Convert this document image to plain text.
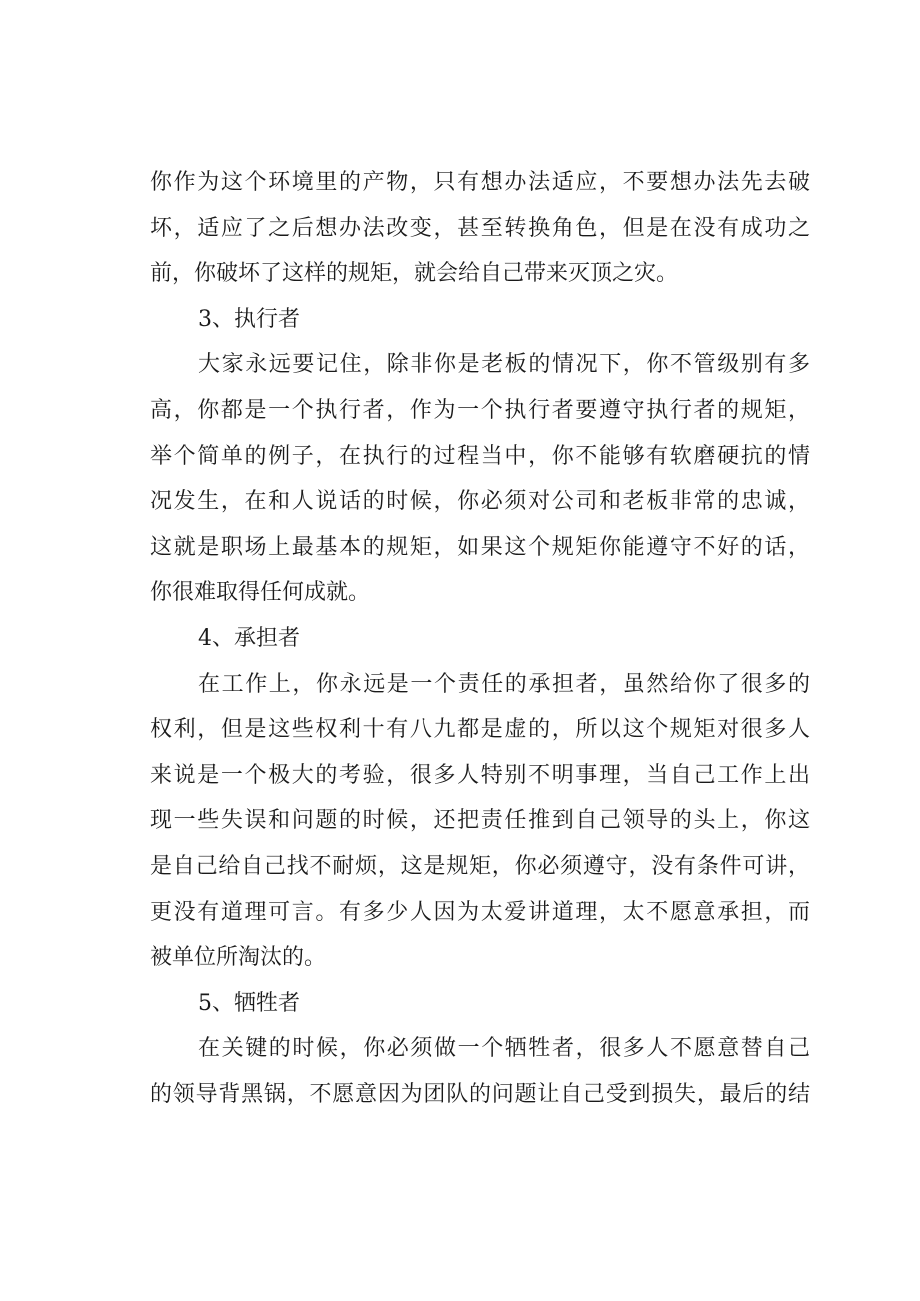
你作为这个环境里的产物，只有想办法适应，不要想办法先去破
坏，适应了之后想办法改变，甚至转换角色，但是在没有成功之
前，你破坏了这样的规矩，就会给自己带来灭顶之灾。
3、执行者
大家永远要记住，除非你是老板的情况下，你不管级别有多
高，你都是一个执行者，作为一个执行者要遵守执行者的规矩，
举个简单的例子，在执行的过程当中，你不能够有软磨硬抗的情
况发生，在和人说话的时候，你必须对公司和老板非常的忠诚，
这就是职场上最基本的规矩，如果这个规矩你能遵守不好的话，
你很难取得任何成就。
4、承担者
在工作上，你永远是一个责任的承担者，虽然给你了很多的
权利，但是这些权利十有八九都是虚的，所以这个规矩对很多人
来说是一个极大的考验，很多人特别不明事理，当自己工作上出
现一些失误和问题的时候，还把责任推到自己领导的头上，你这
是自己给自己找不耐烦，这是规矩，你必须遵守，没有条件可讲，
更没有道理可言。有多少人因为太爱讲道理，太不愿意承担，而
被单位所淘汰的。
5、牺牲者
在关键的时候，你必须做一个牺牲者，很多人不愿意替自己
的领导背黑锅，不愿意因为团队的问题让自己受到损失，最后的结
